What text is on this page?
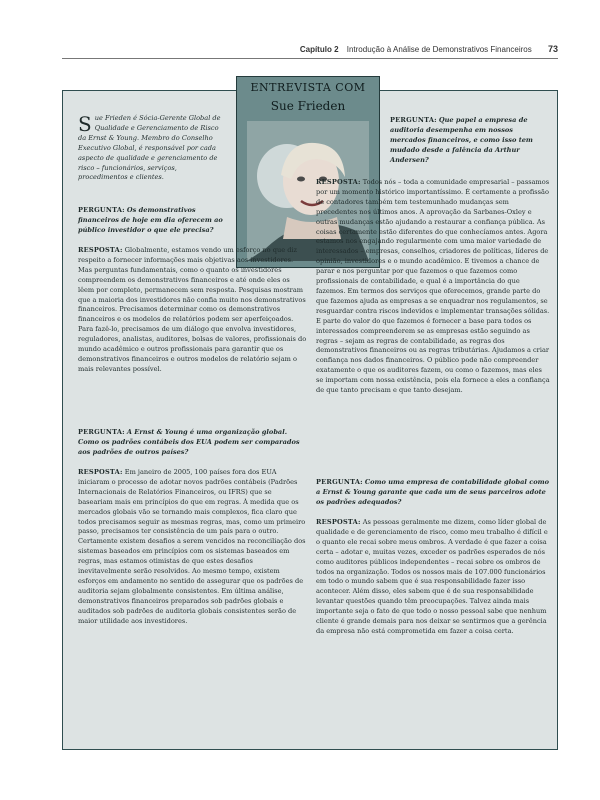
Capítulo 2 Introdução à Análise de Demonstrativos Financeiros 73
ENTREVISTA COM
Sue Frieden
Sue Frieden é Sócia-Gerente Global de Qualidade e Gerenciamento de Risco da Ernst & Young. Membro do Conselho Executivo Global, é responsável por cada aspecto de qualidade e gerenciamento de risco – funcionários, serviços, procedimentos e clientes.
PERGUNTA: Os demonstrativos financeiros de hoje em dia oferecem ao público investidor o que ele precisa?
RESPOSTA: Globalmente, estamos vendo um esforço no que diz respeito a fornecer informações mais objetivas aos investidores. Mas perguntas fundamentais, como o quanto os investidores compreendem os demonstrativos financeiros e até onde eles os lêem por completo, permanecem sem resposta. Pesquisas mostram que a maioria dos investidores não confia muito nos demonstrativos financeiros. Precisamos determinar como os demonstrativos financeiros e os modelos de relatórios podem ser aperfeiçoados. Para fazê-lo, precisamos de um diálogo que envolva investidores, reguladores, analistas, auditores, bolsas de valores, profissionais do mundo acadêmico e outros profissionais para garantir que os demonstrativos financeiros e outros modelos de relatório sejam o mais relevantes possível.
PERGUNTA: A Ernst & Young é uma organização global. Como os padrões contábeis dos EUA podem ser comparados aos padrões de outros países?
RESPOSTA: Em janeiro de 2005, 100 países fora dos EUA iniciaram o processo de adotar novos padrões contábeis (Padrões Internacionais de Relatórios Financeiros, ou IFRS) que se baseariam mais em princípios do que em regras. À medida que os mercados globais vão se tornando mais complexos, fica claro que todos precisamos seguir as mesmas regras, mas, como um primeiro passo, precisamos ter consistência de um país para o outro. Certamente existem desafios a serem vencidos na reconciliação dos sistemas baseados em princípios com os sistemas baseados em regras, mas estamos otimistas de que estes desafios inevitavelmente serão resolvidos. Ao mesmo tempo, existem esforços em andamento no sentido de assegurar que os padrões de auditoria sejam globalmente consistentes. Em última análise, demonstrativos financeiros preparados sob padrões globais e auditados sob padrões de auditoria globais consistentes serão de maior utilidade aos investidores.
PERGUNTA: Que papel a empresa de auditoria desempenha em nossos mercados financeiros, e como isso tem mudado desde a falência da Arthur Andersen?
RESPOSTA: Todos nós – toda a comunidade empresarial – passamos por um momento histórico importantíssimo. É certamente a profissão de contadores também tem testemunhado mudanças sem precedentes nos últimos anos. A aprovação da Sarbanes-Oxley e outras mudanças estão ajudando a restaurar a confiança pública. As coisas certamente estão diferentes do que conhecíamos antes. Agora estamos nos engajando regularmente com uma maior variedade de interessados – empresas, conselhos, criadores de políticas, líderes de opinião, investidores e o mundo acadêmico. E tivemos a chance de parar e nos perguntar por que fazemos o que fazemos como profissionais de contabilidade, e qual é a importância do que fazemos. Em termos dos serviços que oferecemos, grande parte do que fazemos ajuda as empresas a se enquadrar nos regulamentos, se resguardar contra riscos indevidos e implementar transações sólidas. E parte do valor do que fazemos é fornecer a base para todos os interessados compreenderem se as empresas estão seguindo as regras – sejam as regras de contabilidade, as regras dos demonstrativos financeiros ou as regras tributárias. Ajudamos a criar confiança nos dados financeiros. O público pode não compreender exatamente o que os auditores fazem, ou como o fazemos, mas eles se importam com nossa existência, pois ela fornece a eles a confiança de que tanto precisam e que tanto desejam.
PERGUNTA: Como uma empresa de contabilidade global como a Ernst & Young garante que cada um de seus parceiros adote os padrões adequados?
RESPOSTA: As pessoas geralmente me dizem, como líder global de qualidade e de gerenciamento de risco, como meu trabalho é difícil e o quanto ele recai sobre meus ombros. A verdade é que fazer a coisa certa – adotar e, muitas vezes, exceder os padrões esperados de nós como auditores públicos independentes – recai sobre os ombros de todos na organização. Todos os nossos mais de 107.000 funcionários em todo o mundo sabem que é sua responsabilidade fazer isso acontecer. Além disso, eles sabem que é de sua responsabilidade levantar questões quando têm preocupações. Talvez ainda mais importante seja o fato de que todo o nosso pessoal sabe que nenhum cliente é grande demais para nos deixar se sentirmos que a gerência da empresa não está comprometida em fazer a coisa certa.
